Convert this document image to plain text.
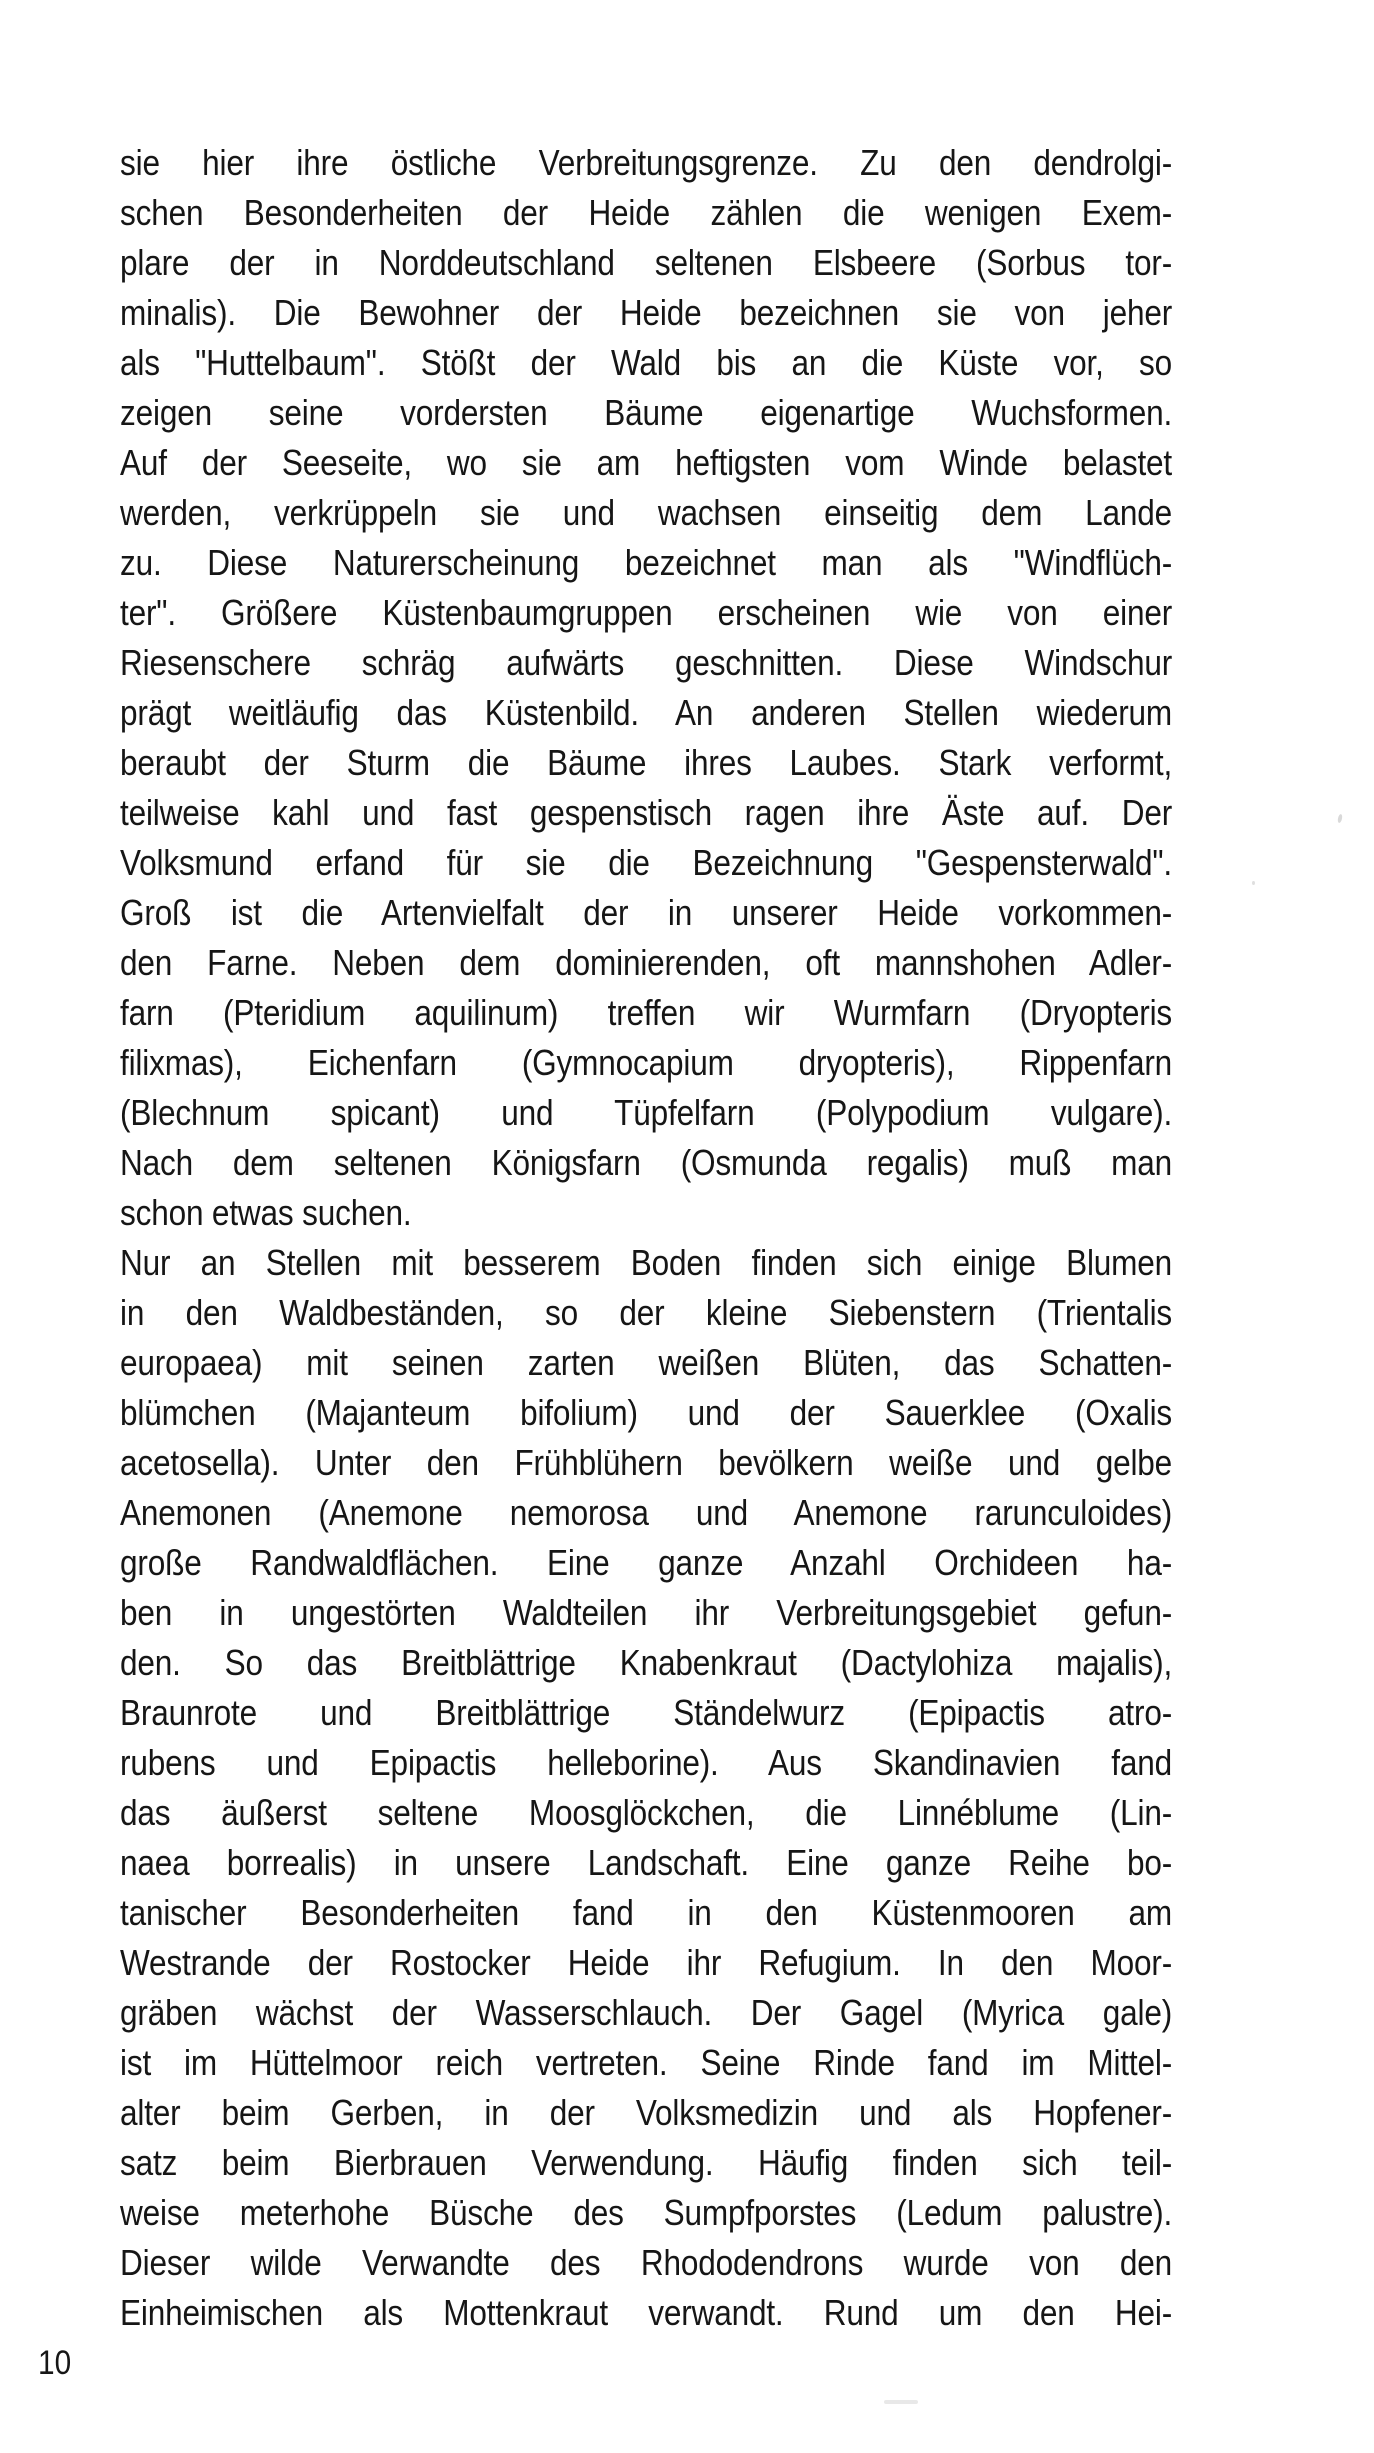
sie hier ihre östliche Verbreitungsgrenze. Zu den dendrolgi-
schen Besonderheiten der Heide zählen die wenigen Exem-
plare der in Norddeutschland seltenen Elsbeere (Sorbus tor-
minalis). Die Bewohner der Heide bezeichnen sie von jeher
als "Huttelbaum". Stößt der Wald bis an die Küste vor, so
zeigen seine vordersten Bäume eigenartige Wuchsformen.
Auf der Seeseite, wo sie am heftigsten vom Winde belastet
werden, verkrüppeln sie und wachsen einseitig dem Lande
zu. Diese Naturerscheinung bezeichnet man als "Windflüch-
ter". Größere Küstenbaumgruppen erscheinen wie von einer
Riesenschere schräg aufwärts geschnitten. Diese Windschur
prägt weitläufig das Küstenbild. An anderen Stellen wiederum
beraubt der Sturm die Bäume ihres Laubes. Stark verformt,
teilweise kahl und fast gespenstisch ragen ihre Äste auf. Der
Volksmund erfand für sie die Bezeichnung "Gespensterwald".
Groß ist die Artenvielfalt der in unserer Heide vorkommen-
den Farne. Neben dem dominierenden, oft mannshohen Adler-
farn (Pteridium aquilinum) treffen wir Wurmfarn (Dryopteris
filixmas), Eichenfarn (Gymnocapium dryopteris), Rippenfarn
(Blechnum spicant) und Tüpfelfarn (Polypodium vulgare).
Nach dem seltenen Königsfarn (Osmunda regalis) muß man
schon etwas suchen.
Nur an Stellen mit besserem Boden finden sich einige Blumen
in den Waldbeständen, so der kleine Siebenstern (Trientalis
europaea) mit seinen zarten weißen Blüten, das Schatten-
blümchen (Majanteum bifolium) und der Sauerklee (Oxalis
acetosella). Unter den Frühblühern bevölkern weiße und gelbe
Anemonen (Anemone nemorosa und Anemone rarunculoides)
große Randwaldflächen. Eine ganze Anzahl Orchideen ha-
ben in ungestörten Waldteilen ihr Verbreitungsgebiet gefun-
den. So das Breitblättrige Knabenkraut (Dactylohiza majalis),
Braunrote und Breitblättrige Ständelwurz (Epipactis atro-
rubens und Epipactis helleborine). Aus Skandinavien fand
das äußerst seltene Moosglöckchen, die Linnéblume (Lin-
naea borrealis) in unsere Landschaft. Eine ganze Reihe bo-
tanischer Besonderheiten fand in den Küstenmooren am
Westrande der Rostocker Heide ihr Refugium. In den Moor-
gräben wächst der Wasserschlauch. Der Gagel (Myrica gale)
ist im Hüttelmoor reich vertreten. Seine Rinde fand im Mittel-
alter beim Gerben, in der Volksmedizin und als Hopfener-
satz beim Bierbrauen Verwendung. Häufig finden sich teil-
weise meterhohe Büsche des Sumpfporstes (Ledum palustre).
Dieser wilde Verwandte des Rhododendrons wurde von den
Einheimischen als Mottenkraut verwandt. Rund um den Hei-
10
